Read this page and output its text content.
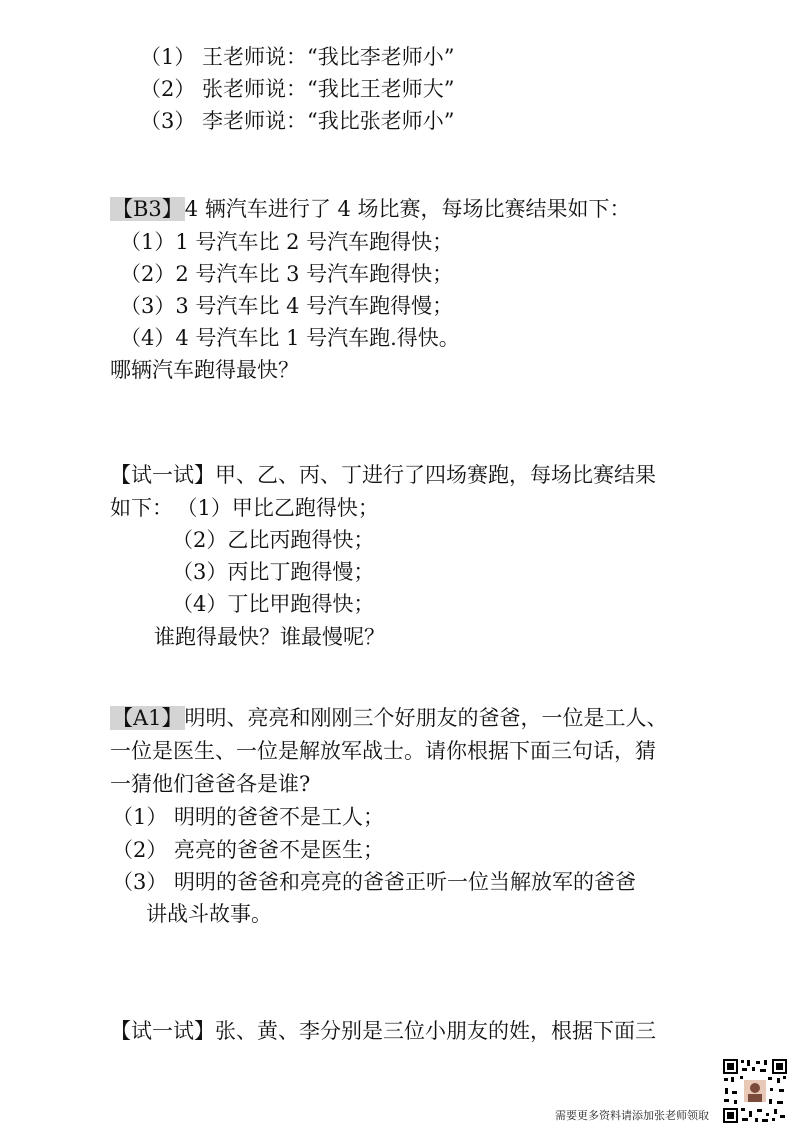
（1） 王老师说：“我比李老师小”
（2） 张老师说：“我比王老师大”
（3） 李老师说：“我比张老师小”
【B3】4 辆汽车进行了 4 场比赛，每场比赛结果如下：
（1）1 号汽车比 2 号汽车跑得快；
（2）2 号汽车比 3 号汽车跑得快；
（3）3 号汽车比 4 号汽车跑得慢；
（4）4 号汽车比 1 号汽车跑.得快。
哪辆汽车跑得最快？
【试一试】甲、乙、丙、丁进行了四场赛跑，每场比赛结果
如下： （1）甲比乙跑得快；
（2）乙比丙跑得快；
（3）丙比丁跑得慢；
（4）丁比甲跑得快；
谁跑得最快？谁最慢呢？
【A1】明明、亮亮和刚刚三个好朋友的爸爸，一位是工人、
一位是医生、一位是解放军战士。请你根据下面三句话，猜
一猜他们爸爸各是谁?
（1） 明明的爸爸不是工人；
（2） 亮亮的爸爸不是医生；
（3） 明明的爸爸和亮亮的爸爸正听一位当解放军的爸爸
讲战斗故事。
【试一试】张、黄、李分别是三位小朋友的姓，根据下面三
需要更多资料请添加张老师领取
